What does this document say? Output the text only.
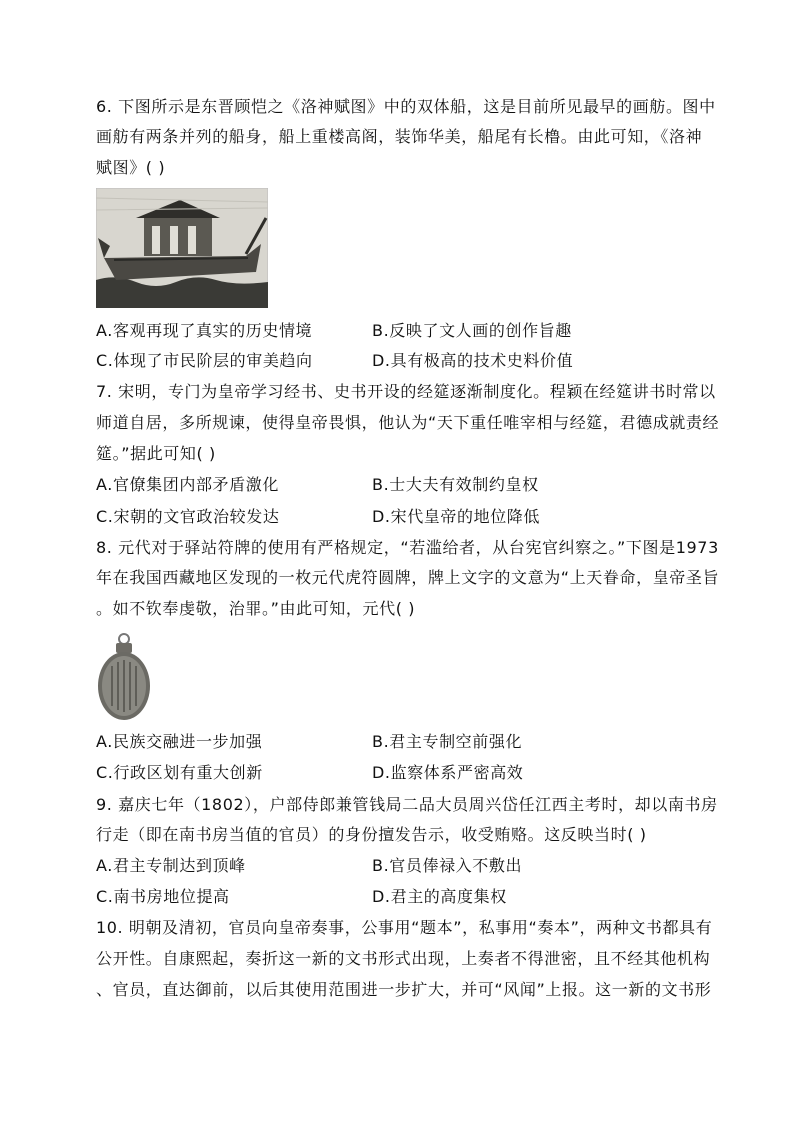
6. 下图所示是东晋顾恺之《洛神赋图》中的双体船，这是目前所见最早的画舫。图中
画舫有两条并列的船身，船上重楼高阁，装饰华美，船尾有长橹。由此可知，《洛神
赋图》( )
A.客观再现了真实的历史情境	B.反映了文人画的创作旨趣
C.体现了市民阶层的审美趋向	D.具有极高的技术史料价值
7. 宋明，专门为皇帝学习经书、史书开设的经筵逐渐制度化。程颖在经筵讲书时常以
师道自居，多所规谏，使得皇帝畏惧，他认为“天下重任唯宰相与经筵，君德成就责经
筵。”据此可知( )
A.官僚集团内部矛盾激化	B.士大夫有效制约皇权
C.宋朝的文官政治较发达	D.宋代皇帝的地位降低
8. 元代对于驿站符牌的使用有严格规定，“若滥给者，从台宪官纠察之。”下图是1973
年在我国西藏地区发现的一枚元代虎符圆牌，牌上文字的文意为“上天眷命，皇帝圣旨
。如不钦奉虔敬，治罪。”由此可知，元代( )
A.民族交融进一步加强	B.君主专制空前强化
C.行政区划有重大创新	D.监察体系严密高效
9. 嘉庆七年（1802），户部侍郎兼管钱局二品大员周兴岱任江西主考时，却以南书房
行走（即在南书房当值的官员）的身份擅发告示，收受贿赂。这反映当时( )
A.君主专制达到顶峰	B.官员俸禄入不敷出
C.南书房地位提高	D.君主的高度集权
10. 明朝及清初，官员向皇帝奏事，公事用“题本”，私事用“奏本”，两种文书都具有
公开性。自康熙起，奏折这一新的文书形式出现，上奏者不得泄密，且不经其他机构
、官员，直达御前，以后其使用范围进一步扩大，并可“风闻”上报。这一新的文书形
